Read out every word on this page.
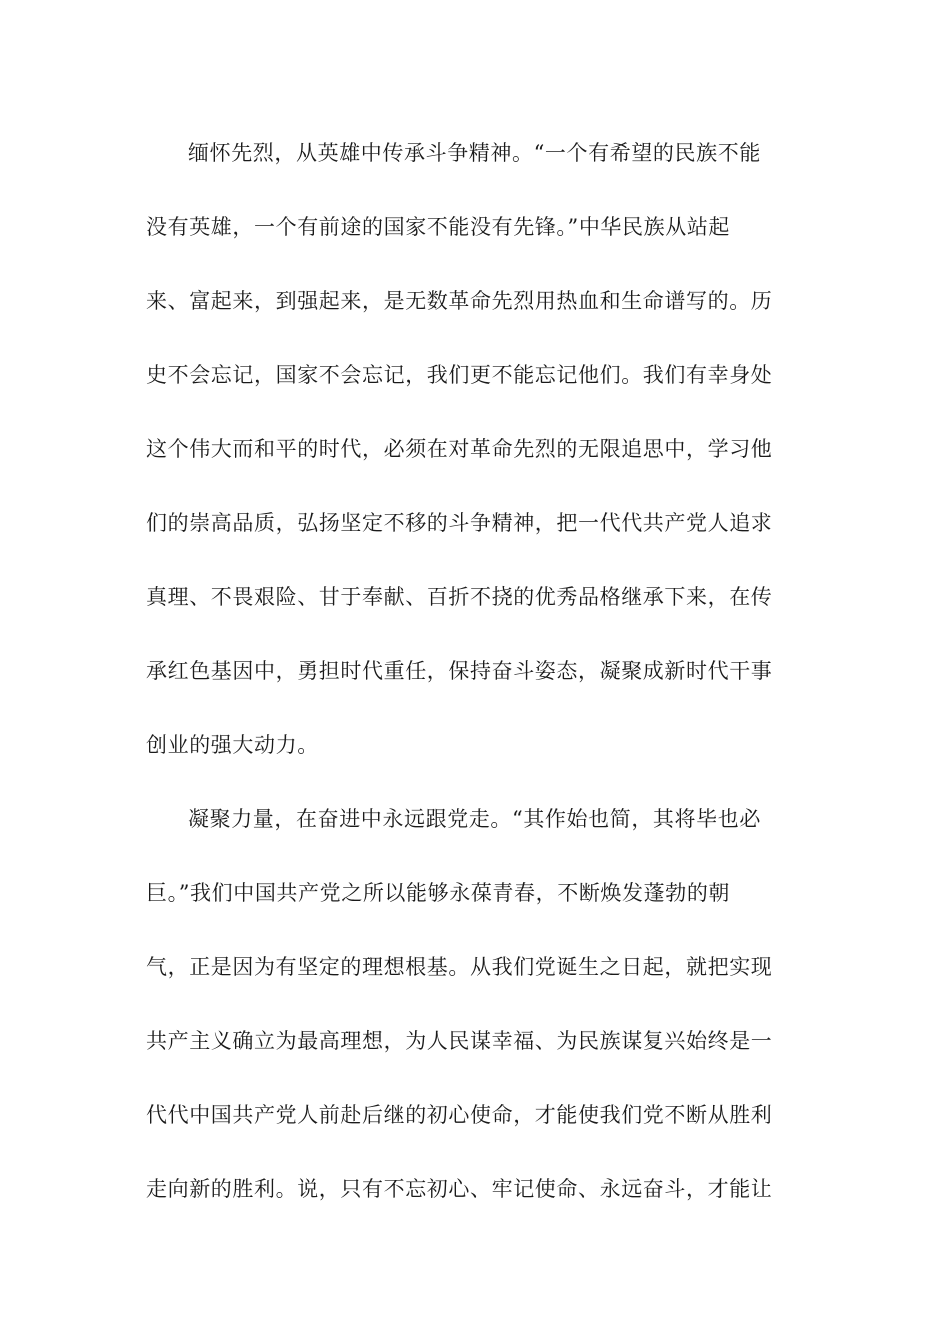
缅怀先烈，从英雄中传承斗争精神。“一个有希望的民族不能
没有英雄，一个有前途的国家不能没有先锋。”中华民族从站起
来、富起来，到强起来，是无数革命先烈用热血和生命谱写的。历
史不会忘记，国家不会忘记，我们更不能忘记他们。我们有幸身处
这个伟大而和平的时代，必须在对革命先烈的无限追思中，学习他
们的崇高品质，弘扬坚定不移的斗争精神，把一代代共产党人追求
真理、不畏艰险、甘于奉献、百折不挠的优秀品格继承下来，在传
承红色基因中，勇担时代重任，保持奋斗姿态，凝聚成新时代干事
创业的强大动力。
凝聚力量，在奋进中永远跟党走。“其作始也简，其将毕也必
巨。”我们中国共产党之所以能够永葆青春，不断焕发蓬勃的朝
气，正是因为有坚定的理想根基。从我们党诞生之日起，就把实现
共产主义确立为最高理想，为人民谋幸福、为民族谋复兴始终是一
代代中国共产党人前赴后继的初心使命，才能使我们党不断从胜利
走向新的胜利。说，只有不忘初心、牢记使命、永远奋斗，才能让
